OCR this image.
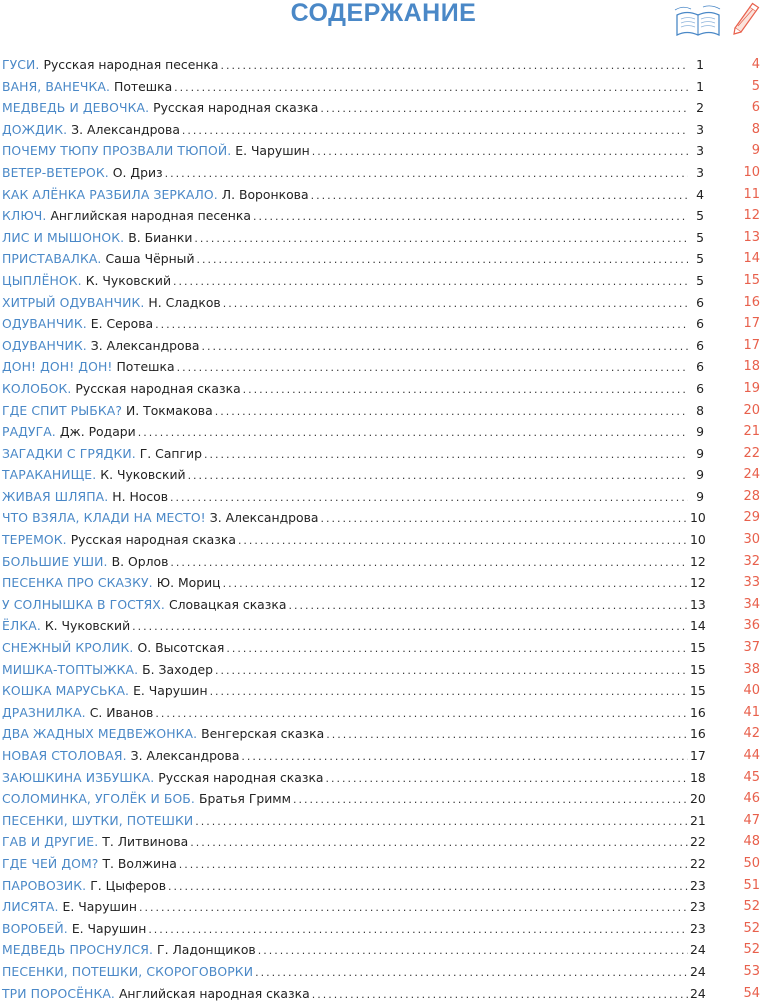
СОДЕРЖАНИЕ
ГУСИ. Русская народная песенка .....	1	4
ВАНЯ, ВАНЕЧКА. Потешка .....	1	5
МЕДВЕДЬ И ДЕВОЧКА. Русская народная сказка .....	2	6
ДОЖДИК. З. Александрова .....	3	8
ПОЧЕМУ ТЮПУ ПРОЗВАЛИ ТЮПОЙ. Е. Чарушин .....	3	9
ВЕТЕР-ВЕТЕРОК. О. Дриз .....	3	10
КАК АЛЁНКА РАЗБИЛА ЗЕРКАЛО. Л. Воронкова .....	4	11
КЛЮЧ. Английская народная песенка .....	5	12
ЛИС И МЫШОНОК. В. Бианки .....	5	13
ПРИСТАВАЛКА. Саша Чёрный .....	5	14
ЦЫПЛЁНОК. К. Чуковский .....	5	15
ХИТРЫЙ ОДУВАНЧИК. Н. Сладков .....	6	16
ОДУВАНЧИК. Е. Серова .....	6	17
ОДУВАНЧИК. З. Александрова .....	6	17
ДОН! ДОН! ДОН! Потешка .....	6	18
КОЛОБОК. Русская народная сказка .....	6	19
ГДЕ СПИТ РЫБКА? И. Токмакова .....	8	20
РАДУГА. Дж. Родари .....	9	21
ЗАГАДКИ С ГРЯДКИ. Г. Сапгир .....	9	22
ТАРАКАНИЩЕ. К. Чуковский .....	9	24
ЖИВАЯ ШЛЯПА. Н. Носов .....	9	28
ЧТО ВЗЯЛА, КЛАДИ НА МЕСТО! З. Александрова .....	10	29
ТЕРЕМОК. Русская народная сказка .....	10	30
БОЛЬШИЕ УШИ. В. Орлов .....	12	32
ПЕСЕНКА ПРО СКАЗКУ. Ю. Мориц .....	12	33
У СОЛНЫШКА В ГОСТЯХ. Словацкая сказка .....	13	34
ЁЛКА. К. Чуковский .....	14	36
СНЕЖНЫЙ КРОЛИК. О. Высотская .....	15	37
МИШКА-ТОПТЫЖКА. Б. Заходер .....	15	38
КОШКА МАРУСЬКА. Е. Чарушин .....	15	40
ДРАЗНИЛКА. С. Иванов .....	16	41
ДВА ЖАДНЫХ МЕДВЕЖОНКА. Венгерская сказка .....	16	42
НОВАЯ СТОЛОВАЯ. З. Александрова .....	17	44
ЗАЮШКИНА ИЗБУШКА. Русская народная сказка .....	18	45
СОЛОМИНКА, УГОЛЁК И БОБ. Братья Гримм .....	20	46
ПЕСЕНКИ, ШУТКИ, ПОТЕШКИ .....	21	47
ГАВ И ДРУГИЕ. Т. Литвинова .....	22	48
ГДЕ ЧЕЙ ДОМ? Т. Волжина .....	22	50
ПАРОВОЗИК. Г. Цыферов .....	23	51
ЛИСЯТА. Е. Чарушин .....	23	52
ВОРОБЕЙ. Е. Чарушин .....	23	52
МЕДВЕДЬ ПРОСНУЛСЯ. Г. Ладонщиков .....	24	52
ПЕСЕНКИ, ПОТЕШКИ, СКОРОГОВОРКИ .....	24	53
ТРИ ПОРОСЁНКА. Английская народная сказка .....	24	54
